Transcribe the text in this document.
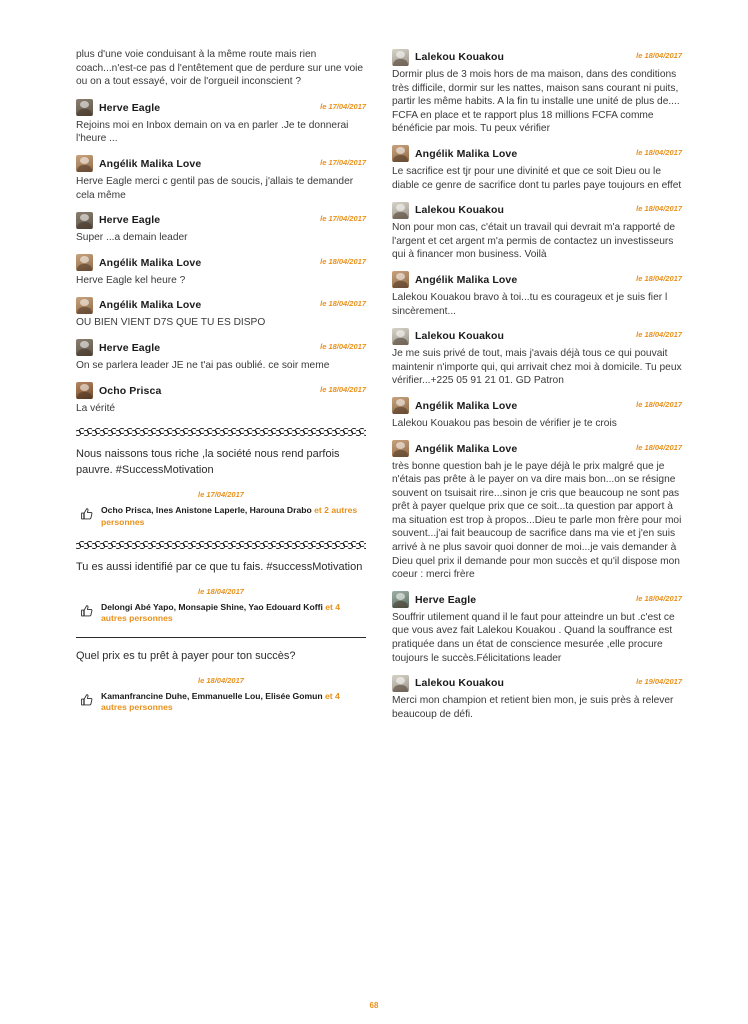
plus d'une voie conduisant à la même route mais rien coach...n'est-ce pas d l'entêtement que de perdure sur une voie ou on a tout essayé, voir de l'orgueil inconscient ?
Herve Eagle	le 17/04/2017
Rejoins moi en Inbox demain on va en parler .Je te donnerai l'heure ...
Angélik Malika Love	le 17/04/2017
Herve Eagle merci c gentil pas de soucis, j'allais te demander cela même
Herve Eagle	le 17/04/2017
Super ...a demain leader
Angélik Malika Love	le 18/04/2017
Herve Eagle kel heure ?
Angélik Malika Love	le 18/04/2017
OU BIEN VIENT D7S QUE TU ES DISPO
Herve Eagle	le 18/04/2017
On se parlera leader JE ne t'ai pas oublié. ce soir meme
Ocho Prisca	le 18/04/2017
La vérité
Nous naissons tous riche ,la société nous rend parfois pauvre. #SuccessMotivation
le 17/04/2017
Ocho Prisca, Ines Anistone Laperle, Harouna Drabo et 2 autres personnes
Tu es aussi identifié par ce que tu fais. #successMotivation
le 18/04/2017
Delongi Abé Yapo, Monsapie Shine, Yao Edouard Koffi et 4 autres personnes
Quel prix es tu prêt à payer pour ton succès?
le 18/04/2017
Kamanfrancine Duhe, Emmanuelle Lou, Elisée Gomun et 4 autres personnes
Lalekou Kouakou	le 18/04/2017
Dormir plus de 3 mois hors de ma maison, dans des conditions très difficile, dormir sur les nattes, maison sans courant ni puits, partir les même habits. A la fin tu installe une unité de plus de.... FCFA en place et te rapport plus 18 millions FCFA comme bénéficie par mois. Tu peux vérifier
Angélik Malika Love	le 18/04/2017
Le sacrifice est tjr pour une divinité et que ce soit Dieu ou le diable ce genre de sacrifice dont tu parles paye toujours en effet
Lalekou Kouakou	le 18/04/2017
Non pour mon cas, c'était un travail qui devrait m'a rapporté de l'argent et cet argent m'a permis de contactez un investisseurs qui à financer mon business. Voilà
Angélik Malika Love	le 18/04/2017
Lalekou Kouakou bravo à toi...tu es courageux et je suis fier l sincèrement...
Lalekou Kouakou	le 18/04/2017
Je me suis privé de tout, mais j'avais déjà tous ce qui pouvait maintenir n'importe qui, qui arrivait chez moi à domicile. Tu peux vérifier...+225 05 91 21 01. GD Patron
Angélik Malika Love	le 18/04/2017
Lalekou Kouakou pas besoin de vérifier je te crois
Angélik Malika Love	le 18/04/2017
très bonne question bah je le paye déjà le prix malgré que je n'étais pas prête à le payer on va dire mais bon...on se résigne souvent on tsuisait rire...sinon je cris que beaucoup ne sont pas prêt à payer quelque prix que ce soit...ta question par apport à ma situation est trop à propos...Dieu te parle mon frère pour moi souvent...j'ai fait beaucoup de sacrifice dans ma vie et j'en suis arrivé à ne plus savoir quoi donner de moi...je vais demander à Dieu quel prix il demande pour mon succès et qu'il dispose mon coeur : merci frère
Herve Eagle	le 18/04/2017
Souffrir utilement quand il le faut pour atteindre un but .c'est ce que vous avez fait Lalekou Kouakou . Quand la souffrance est pratiquée dans un état de conscience mesurée ,elle procure toujours le succès.Félicitations leader
Lalekou Kouakou	le 19/04/2017
Merci mon champion et retient bien mon, je suis près à relever beaucoup de défi.
68
